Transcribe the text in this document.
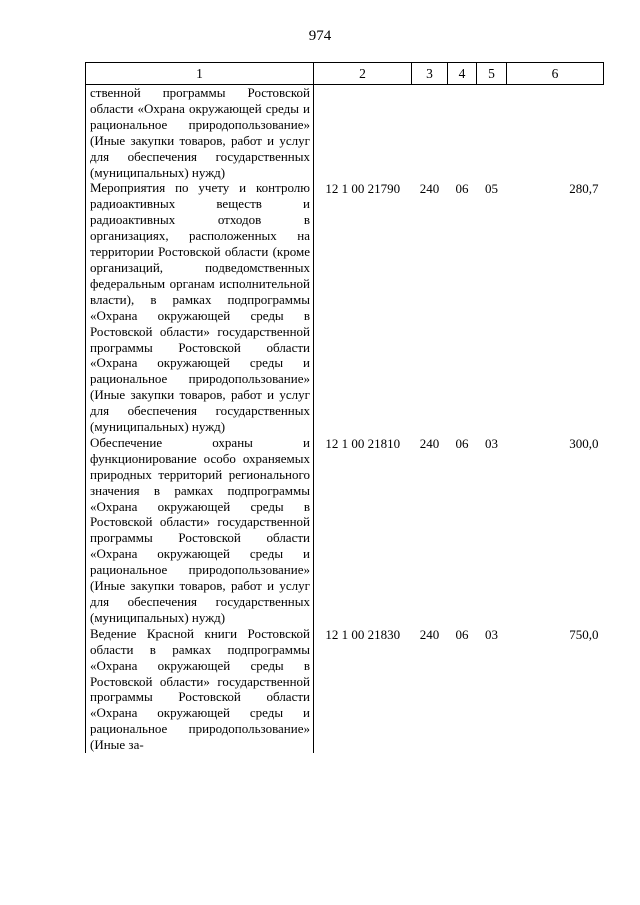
974
1	2	3	4	5	6
ственной программы Ростовской области «Охрана окружающей среды и рациональное природопользование» (Иные закупки товаров, работ и услуг для обеспечения государственных (муниципальных) нужд)					
Мероприятия по учету и контролю радиоактивных веществ и радиоактивных отходов в организациях, расположенных на территории Ростовской области (кроме организаций, подведомственных федеральным органам исполнительной власти), в рамках подпрограммы «Охрана окружающей среды в Ростовской области» государственной программы Ростовской области «Охрана окружающей среды и рациональное природопользование» (Иные закупки товаров, работ и услуг для обеспечения государственных (муниципальных) нужд)	12 1 00 21790	240	06	05	280,7
Обеспечение охраны и функционирование особо охраняемых природных территорий регионального значения в рамках подпрограммы «Охрана окружающей среды в Ростовской области» государственной программы Ростовской области «Охрана окружающей среды и рациональное природопользование» (Иные закупки товаров, работ и услуг для обеспечения государственных (муниципальных) нужд)	12 1 00 21810	240	06	03	300,0
Ведение Красной книги Ростовской области в рамках подпрограммы «Охрана окружающей среды в Ростовской области» государственной программы Ростовской области «Охрана окружающей среды и рациональное природопользование» (Иные за-	12 1 00 21830	240	06	03	750,0
